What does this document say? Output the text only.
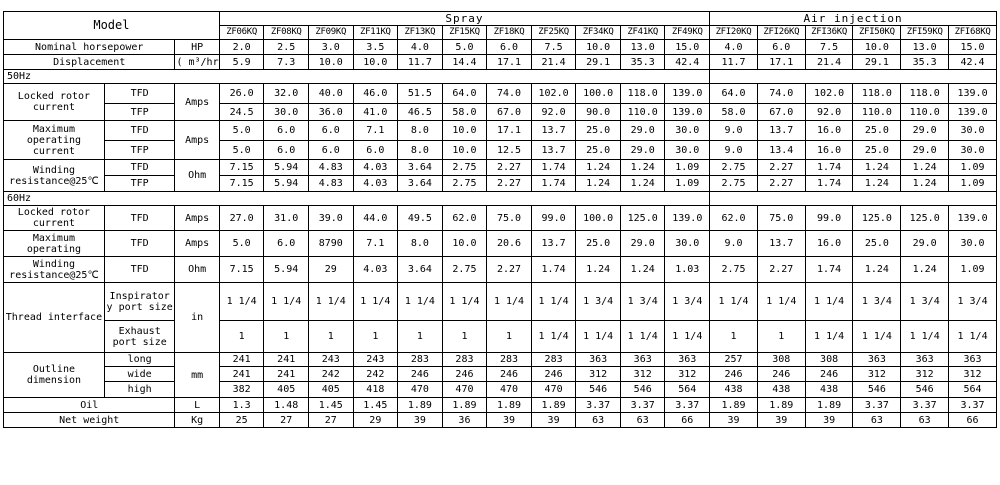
Model			Spray											Air injection					
			ZF06KQ	ZF08KQ	ZF09KQ	ZF11KQ	ZF13KQ	ZF15KQ	ZF18KQ	ZF25KQ	ZF34KQ	ZF41KQ	ZF49KQ	ZFI20KQ	ZFI26KQ	ZFI36KQ	ZFI50KQ	ZFI59KQ	ZFI68KQ
Nominal horsepower		HP	2.0	2.5	3.0	3.5	4.0	5.0	6.0	7.5	10.0	13.0	15.0	4.0	6.0	7.5	10.0	13.0	15.0
Displacement		( m³/hr	5.9	7.3	10.0	10.0	11.7	14.4	17.1	21.4	29.1	35.3	42.4	11.7	17.1	21.4	29.1	35.3	42.4
50Hz																			
Locked rotor current	TFD	Amps	26.0	32.0	40.0	46.0	51.5	64.0	74.0	102.0	100.0	118.0	139.0	64.0	74.0	102.0	118.0	118.0	139.0
	TFP		24.5	30.0	36.0	41.0	46.5	58.0	67.0	92.0	90.0	110.0	139.0	58.0	67.0	92.0	110.0	110.0	139.0
Maximum operating current	TFD	Amps	5.0	6.0	6.0	7.1	8.0	10.0	17.1	13.7	25.0	29.0	30.0	9.0	13.7	16.0	25.0	29.0	30.0
	TFP		5.0	6.0	6.0	6.0	8.0	10.0	12.5	13.7	25.0	29.0	30.0	9.0	13.4	16.0	25.0	29.0	30.0
Winding resistance@25℃	TFD	Ohm	7.15	5.94	4.83	4.03	3.64	2.75	2.27	1.74	1.24	1.24	1.09	2.75	2.27	1.74	1.24	1.24	1.09
	TFP		7.15	5.94	4.83	4.03	3.64	2.75	2.27	1.74	1.24	1.24	1.09	2.75	2.27	1.74	1.24	1.24	1.09
60Hz																			
Locked rotor current	TFD	Amps	27.0	31.0	39.0	44.0	49.5	62.0	75.0	99.0	100.0	125.0	139.0	62.0	75.0	99.0	125.0	125.0	139.0
Maximum operating	TFD	Amps	5.0	6.0	8790	7.1	8.0	10.0	20.6	13.7	25.0	29.0	30.0	9.0	13.7	16.0	25.0	29.0	30.0
Winding resistance@25℃	TFD	Ohm	7.15	5.94	29	4.03	3.64	2.75	2.27	1.74	1.24	1.24	1.03	2.75	2.27	1.74	1.24	1.24	1.09
Thread interface	Inspirator y port size	in	1 1/4	1 1/4	1 1/4	1 1/4	1 1/4	1 1/4	1 1/4	1 1/4	1 3/4	1 3/4	1 3/4	1 1/4	1 1/4	1 1/4	1 3/4	1 3/4	1 3/4
	Exhaust port size		1	1	1	1	1	1	1	1 1/4	1 1/4	1 1/4	1 1/4	1	1	1 1/4	1 1/4	1 1/4	1 1/4
Outline dimension	long	mm	241	241	243	243	283	283	283	283	363	363	363	257	308	308	363	363	363
	wide		241	241	242	242	246	246	246	246	312	312	312	246	246	246	312	312	312
	high		382	405	405	418	470	470	470	470	546	546	564	438	438	438	546	546	564
Oil		L	1.3	1.48	1.45	1.45	1.89	1.89	1.89	1.89	3.37	3.37	3.37	1.89	1.89	1.89	3.37	3.37	3.37
Net weight		Kg	25	27	27	29	39	36	39	39	63	63	66	39	39	39	63	63	66
